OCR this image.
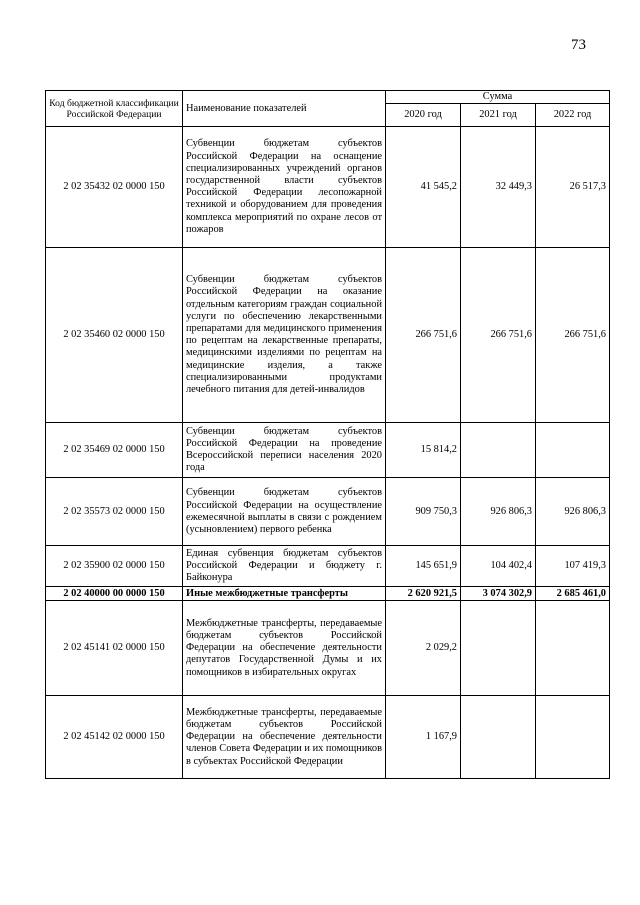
73
Код бюджетной классификации Российской Федерации	Наименование показателей	Сумма		
		2020 год	2021 год	2022 год
2 02 35432 02 0000 150	Субвенции бюджетам субъектов Российской Федерации на оснащение специализированных учреждений органов государственной власти субъектов Российской Федерации лесопожарной техникой и оборудованием для проведения комплекса мероприятий по охране лесов от пожаров	41 545,2	32 449,3	26 517,3
2 02 35460 02 0000 150	Субвенции бюджетам субъектов Российской Федерации на оказание отдельным категориям граждан социальной услуги по обеспечению лекарственными препаратами для медицинского применения по рецептам на лекарственные препараты, медицинскими изделиями по рецептам на медицинские изделия, а также специализированными продуктами лечебного питания для детей-инвалидов	266 751,6	266 751,6	266 751,6
2 02 35469 02 0000 150	Субвенции бюджетам субъектов Российской Федерации на проведение Всероссийской переписи населения 2020 года	15 814,2		
2 02 35573 02 0000 150	Субвенции бюджетам субъектов Российской Федерации на осуществление ежемесячной выплаты в связи с рождением (усыновлением) первого ребенка	909 750,3	926 806,3	926 806,3
2 02 35900 02 0000 150	Единая субвенция бюджетам субъектов Российской Федерации и бюджету г. Байконура	145 651,9	104 402,4	107 419,3
2 02 40000 00 0000 150	Иные межбюджетные трансферты	2 620 921,5	3 074 302,9	2 685 461,0
2 02 45141 02 0000 150	Межбюджетные трансферты, передаваемые бюджетам субъектов Российской Федерации на обеспечение деятельности депутатов Государственной Думы и их помощников в избирательных округах	2 029,2		
2 02 45142 02 0000 150	Межбюджетные трансферты, передаваемые бюджетам субъектов Российской Федерации на обеспечение деятельности членов Совета Федерации и их помощников в субъектах Российской Федерации	1 167,9		
